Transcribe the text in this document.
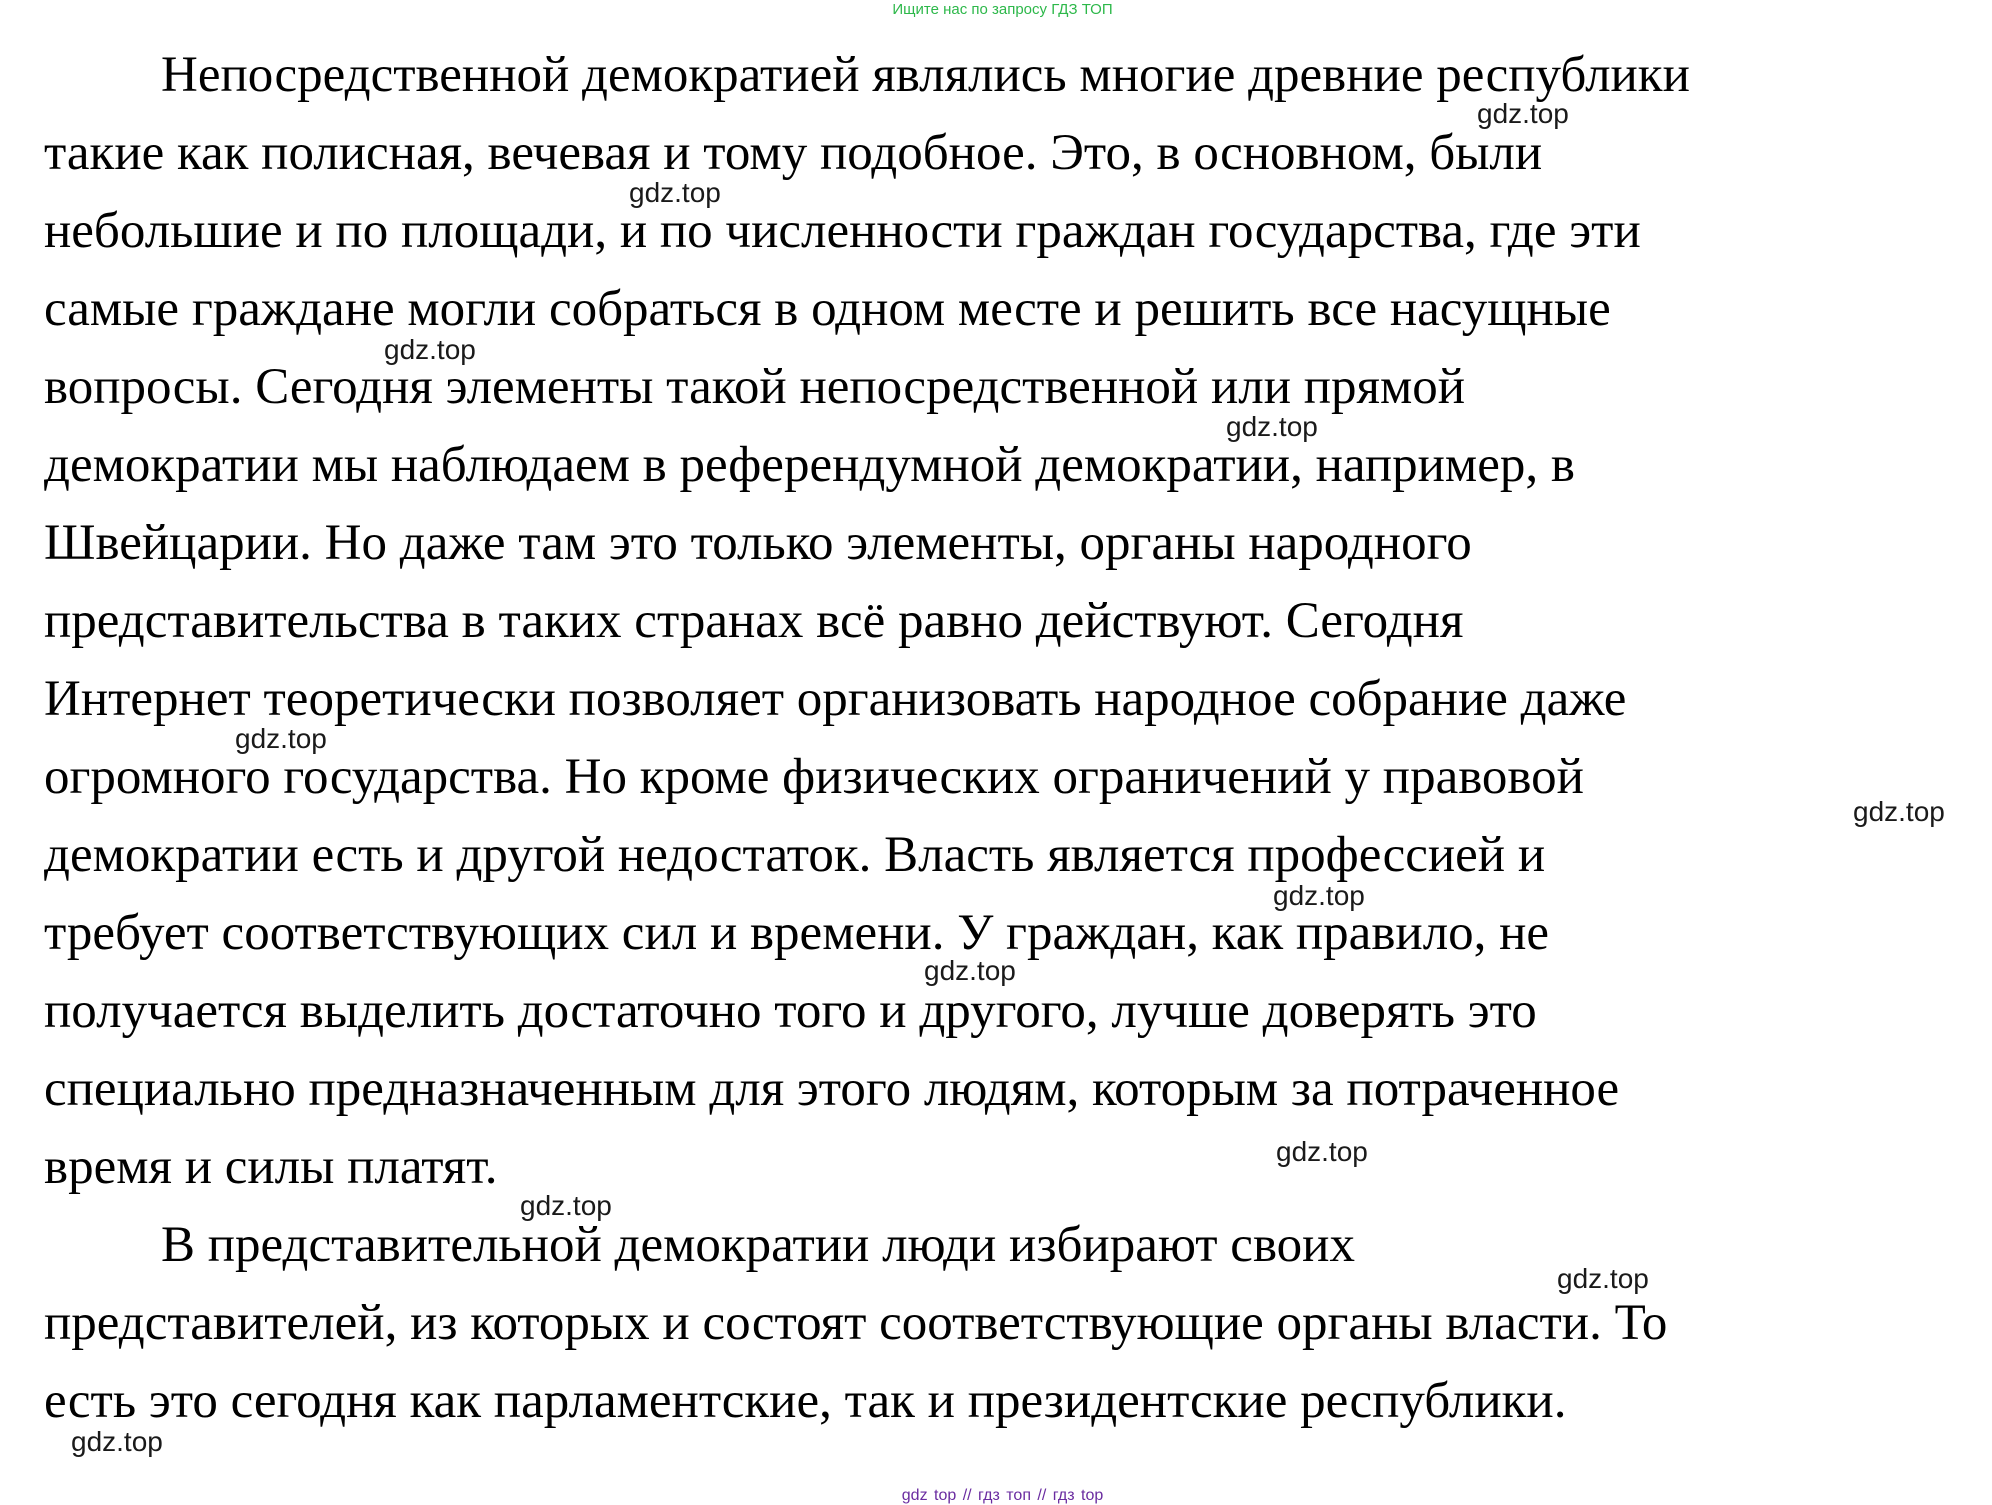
Ищите нас по запросу ГДЗ ТОП
Непосредственной демократией являлись многие древние республики
такие как полисная, вечевая и тому подобное. Это, в основном, были
небольшие и по площади, и по численности граждан государства, где эти
самые граждане могли собраться в одном месте и решить все насущные
вопросы. Сегодня элементы такой непосредственной или прямой
демократии мы наблюдаем в референдумной демократии, например, в
Швейцарии. Но даже там это только элементы, органы народного
представительства в таких странах всё равно действуют. Сегодня
Интернет теоретически позволяет организовать народное собрание даже
огромного государства. Но кроме физических ограничений у правовой
демократии есть и другой недостаток. Власть является профессией и
требует соответствующих сил и времени. У граждан, как правило, не
получается выделить достаточно того и другого, лучше доверять это
специально предназначенным для этого людям, которым за потраченное
время и силы платят.
В представительной демократии люди избирают своих
представителей, из которых и состоят соответствующие органы власти. То
есть это сегодня как парламентские, так и президентские республики.
gdz.top
gdz.top
gdz.top
gdz.top
gdz.top
gdz.top
gdz.top
gdz.top
gdz.top
gdz.top
gdz.top
gdz.top
gdz top // гдз топ // гдз top
